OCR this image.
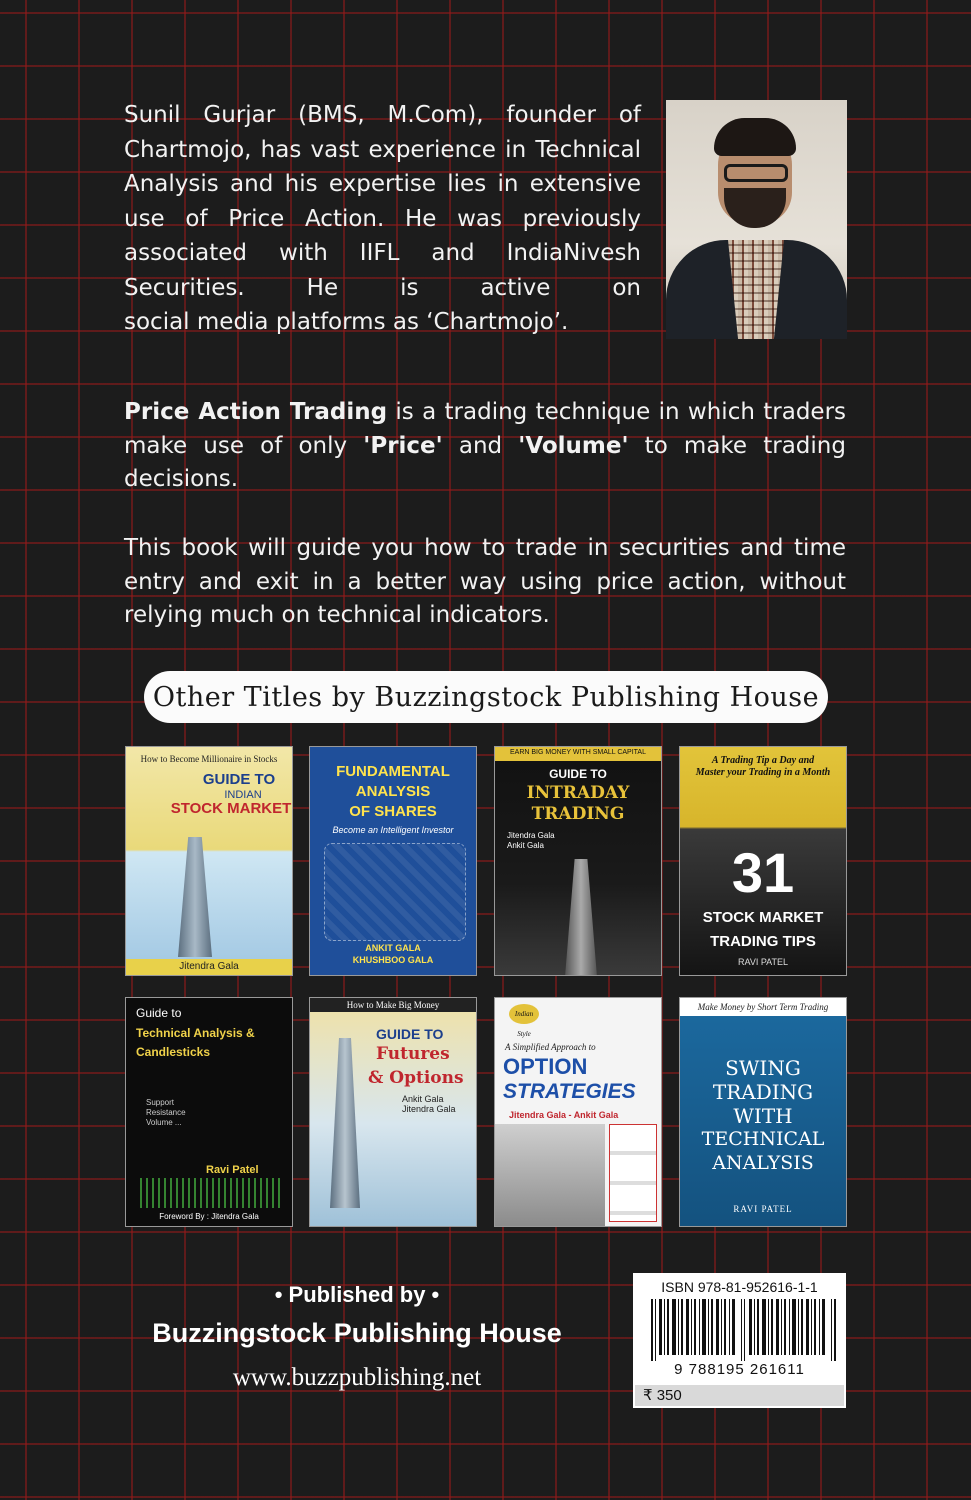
Sunil Gurjar (BMS, M.Com), founder of Chartmojo, has vast experience in Technical Analysis and his expertise lies in extensive use of Price Action. He was previously associated with IIFL and IndiaNivesh Securities. He is active on
social media platforms as ‘Chartmojo’.
Price Action Trading is a trading technique in which traders make use of only 'Price' and 'Volume' to make trading decisions.
This book will guide you how to trade in securities and time entry and exit in a better way using price action, without relying much on technical indicators.
Other Titles by Buzzingstock Publishing House
How to Become Millionaire in Stocks
GUIDE TO
INDIAN
STOCK MARKET
Jitendra Gala
FUNDAMENTAL
ANALYSIS
OF SHARES
Become an Intelligent Investor
ANKIT GALA
KHUSHBOO GALA
EARN BIG MONEY WITH SMALL CAPITAL
GUIDE TO
INTRADAY
TRADING
Jitendra Gala
Ankit Gala
A Trading Tip a Day and
Master your Trading in a Month
31
STOCK MARKET
TRADING TIPS
RAVI PATEL
Guide to
Technical Analysis &
Candlesticks
Support
Resistance
Volume ...
Ravi Patel
Foreword By : Jitendra Gala
How to Make Big Money
GUIDE TO
Futures
& Options
Ankit Gala
Jitendra Gala
Indian Style
A Simplified Approach to
OPTION
STRATEGIES
Jitendra Gala - Ankit Gala
Make Money by Short Term Trading
SWING
TRADING
WITH
TECHNICAL
ANALYSIS
RAVI PATEL
• Published by •
Buzzingstock Publishing House
www.buzzpublishing.net
ISBN 978-81-952616-1-1
9 788195 261611
₹ 350
